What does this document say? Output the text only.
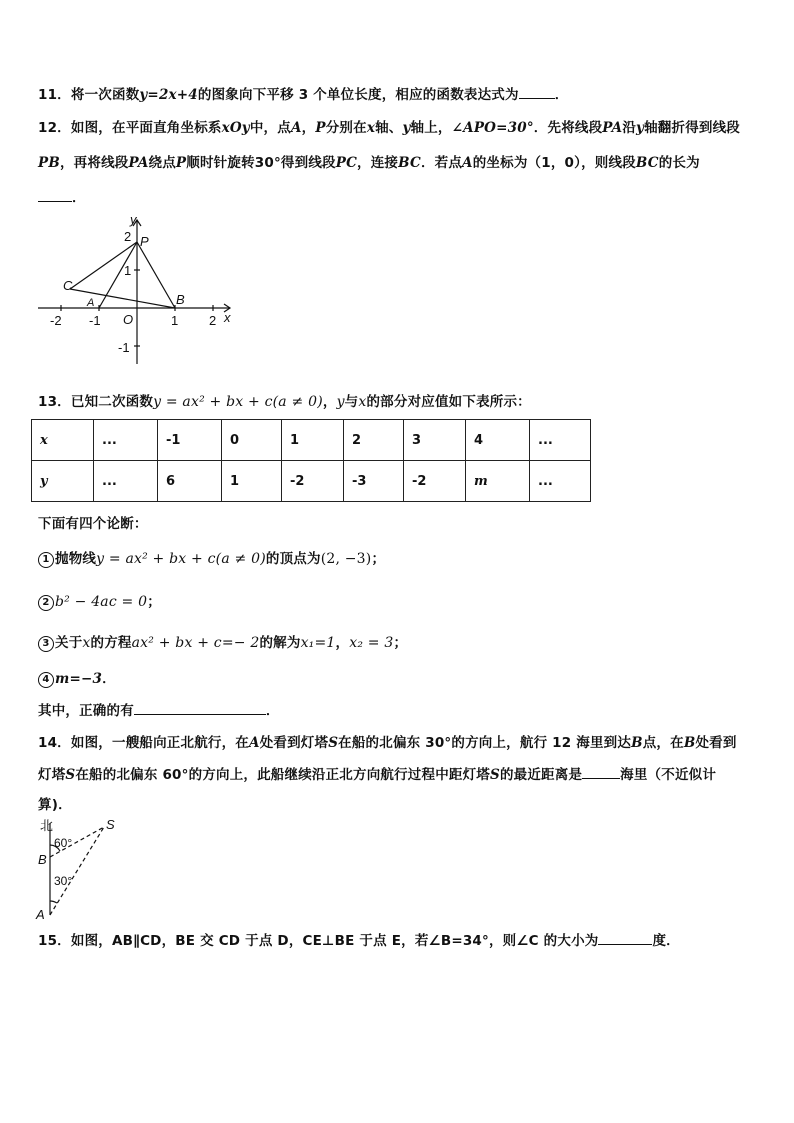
11．将一次函数y=2x+4的图象向下平移 3 个单位长度，相应的函数表达式为	．
12．如图，在平面直角坐标系xOy中，点A，P分别在x轴、y轴上，∠APO=30°．先将线段PA沿y轴翻折得到线段
PB，再将线段PA绕点P顺时针旋转30°得到线段PC，连接BC．若点A的坐标为（1，0），则线段BC的长为
．
y
x
O
P
C
A	B
-2 -1	1 2
2
1
-1
13．已知二次函数y = ax² + bx + c(a ≠ 0)，y与x的部分对应值如下表所示：
x	...	-1	0	1	2	3	4	...
y	...	6	1	-2	-3	-2	m	...
下面有四个论断：
1 抛物线y = ax² + bx + c(a ≠ 0)的顶点为(2, −3)；
2 b² − 4ac = 0；
3 关于x的方程ax² + bx + c=− 2的解为x₁=1，x₂ = 3；
4 m=−3．
其中，正确的有	．
14．如图，一艘船向正北航行，在A处看到灯塔S在船的北偏东 30°的方向上，航行 12 海里到达B点，在B处看到
灯塔S在船的北偏东 60°的方向上，此船继续沿正北方向航行过程中距灯塔S的最近距离是	海里（不近似计
算)．
北	S
B
A
60°
30°
15．如图，AB∥CD，BE 交 CD 于点 D，CE⊥BE 于点 E，若∠B=34°，则∠C 的大小为	度．
